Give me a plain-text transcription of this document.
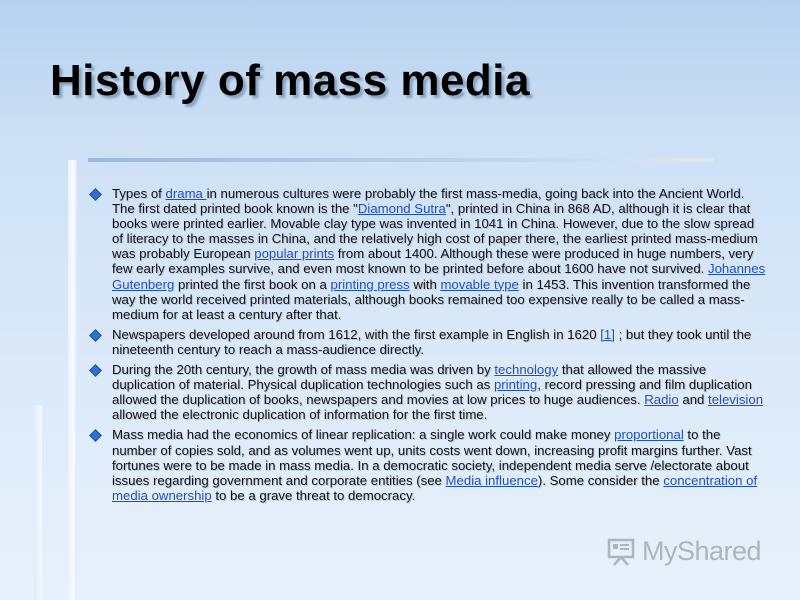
History of mass media
Types of drama in numerous cultures were probably the first mass-media, going back into the Ancient World. The first dated printed book known is the "Diamond Sutra", printed in China in 868 AD, although it is clear that books were printed earlier. Movable clay type was invented in 1041 in China. However, due to the slow spread of literacy to the masses in China, and the relatively high cost of paper there, the earliest printed mass-medium was probably European popular prints from about 1400. Although these were produced in huge numbers, very few early examples survive, and even most known to be printed before about 1600 have not survived. Johannes Gutenberg printed the first book on a printing press with movable type in 1453. This invention transformed the way the world received printed materials, although books remained too expensive really to be called a mass-medium for at least a century after that.
Newspapers developed around from 1612, with the first example in English in 1620 [1] ; but they took until the nineteenth century to reach a mass-audience directly.
During the 20th century, the growth of mass media was driven by technology that allowed the massive duplication of material. Physical duplication technologies such as printing, record pressing and film duplication allowed the duplication of books, newspapers and movies at low prices to huge audiences. Radio and television allowed the electronic duplication of information for the first time.
Mass media had the economics of linear replication: a single work could make money proportional to the number of copies sold, and as volumes went up, units costs went down, increasing profit margins further. Vast fortunes were to be made in mass media. In a democratic society, independent media serve /electorate about issues regarding government and corporate entities (see Media influence). Some consider the concentration of media ownership to be a grave threat to democracy.
MyShared
